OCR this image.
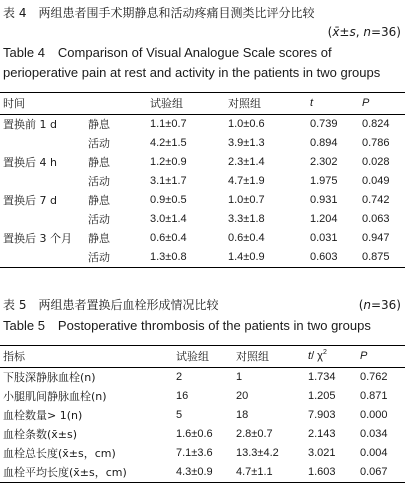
表 4　两组患者围手术期静息和活动疼痛目测类比评分比较
(x̄±s, n=36)
Table 4　Comparison of Visual Analogue Scale scores of
perioperative pain at rest and activity in the patients in two groups
时间		试验组	对照组	t	P
置换前 1 d	静息	1.1±0.7	1.0±0.6	0.739	0.824
	活动	4.2±1.5	3.9±1.3	0.894	0.786
置换后 4 h	静息	1.2±0.9	2.3±1.4	2.302	0.028
	活动	3.1±1.7	4.7±1.9	1.975	0.049
置换后 7 d	静息	0.9±0.5	1.0±0.7	0.931	0.742
	活动	3.0±1.4	3.3±1.8	1.204	0.063
置换后 3 个月	静息	0.6±0.4	0.6±0.4	0.031	0.947
	活动	1.3±0.8	1.4±0.9	0.603	0.875
表 5　两组患者置换后血栓形成情况比较	(n=36)
Table 5　Postoperative thrombosis of the patients in two groups
指标	试验组	对照组	t/ $\chi^2$	P
下肢深静脉血栓(n)	2	1	1.734	0.762
小腿肌间静脉血栓(n)	16	20	1.205	0.871
血栓数量> 1(n)	5	18	7.903	0.000
血栓条数(x̄±s)	1.6±0.6	2.8±0.7	2.143	0.034
血栓总长度(x̄±s，cm)	7.1±3.6	13.3±4.2	3.021	0.004
血栓平均长度(x̄±s，cm)	4.3±0.9	4.7±1.1	1.603	0.067
